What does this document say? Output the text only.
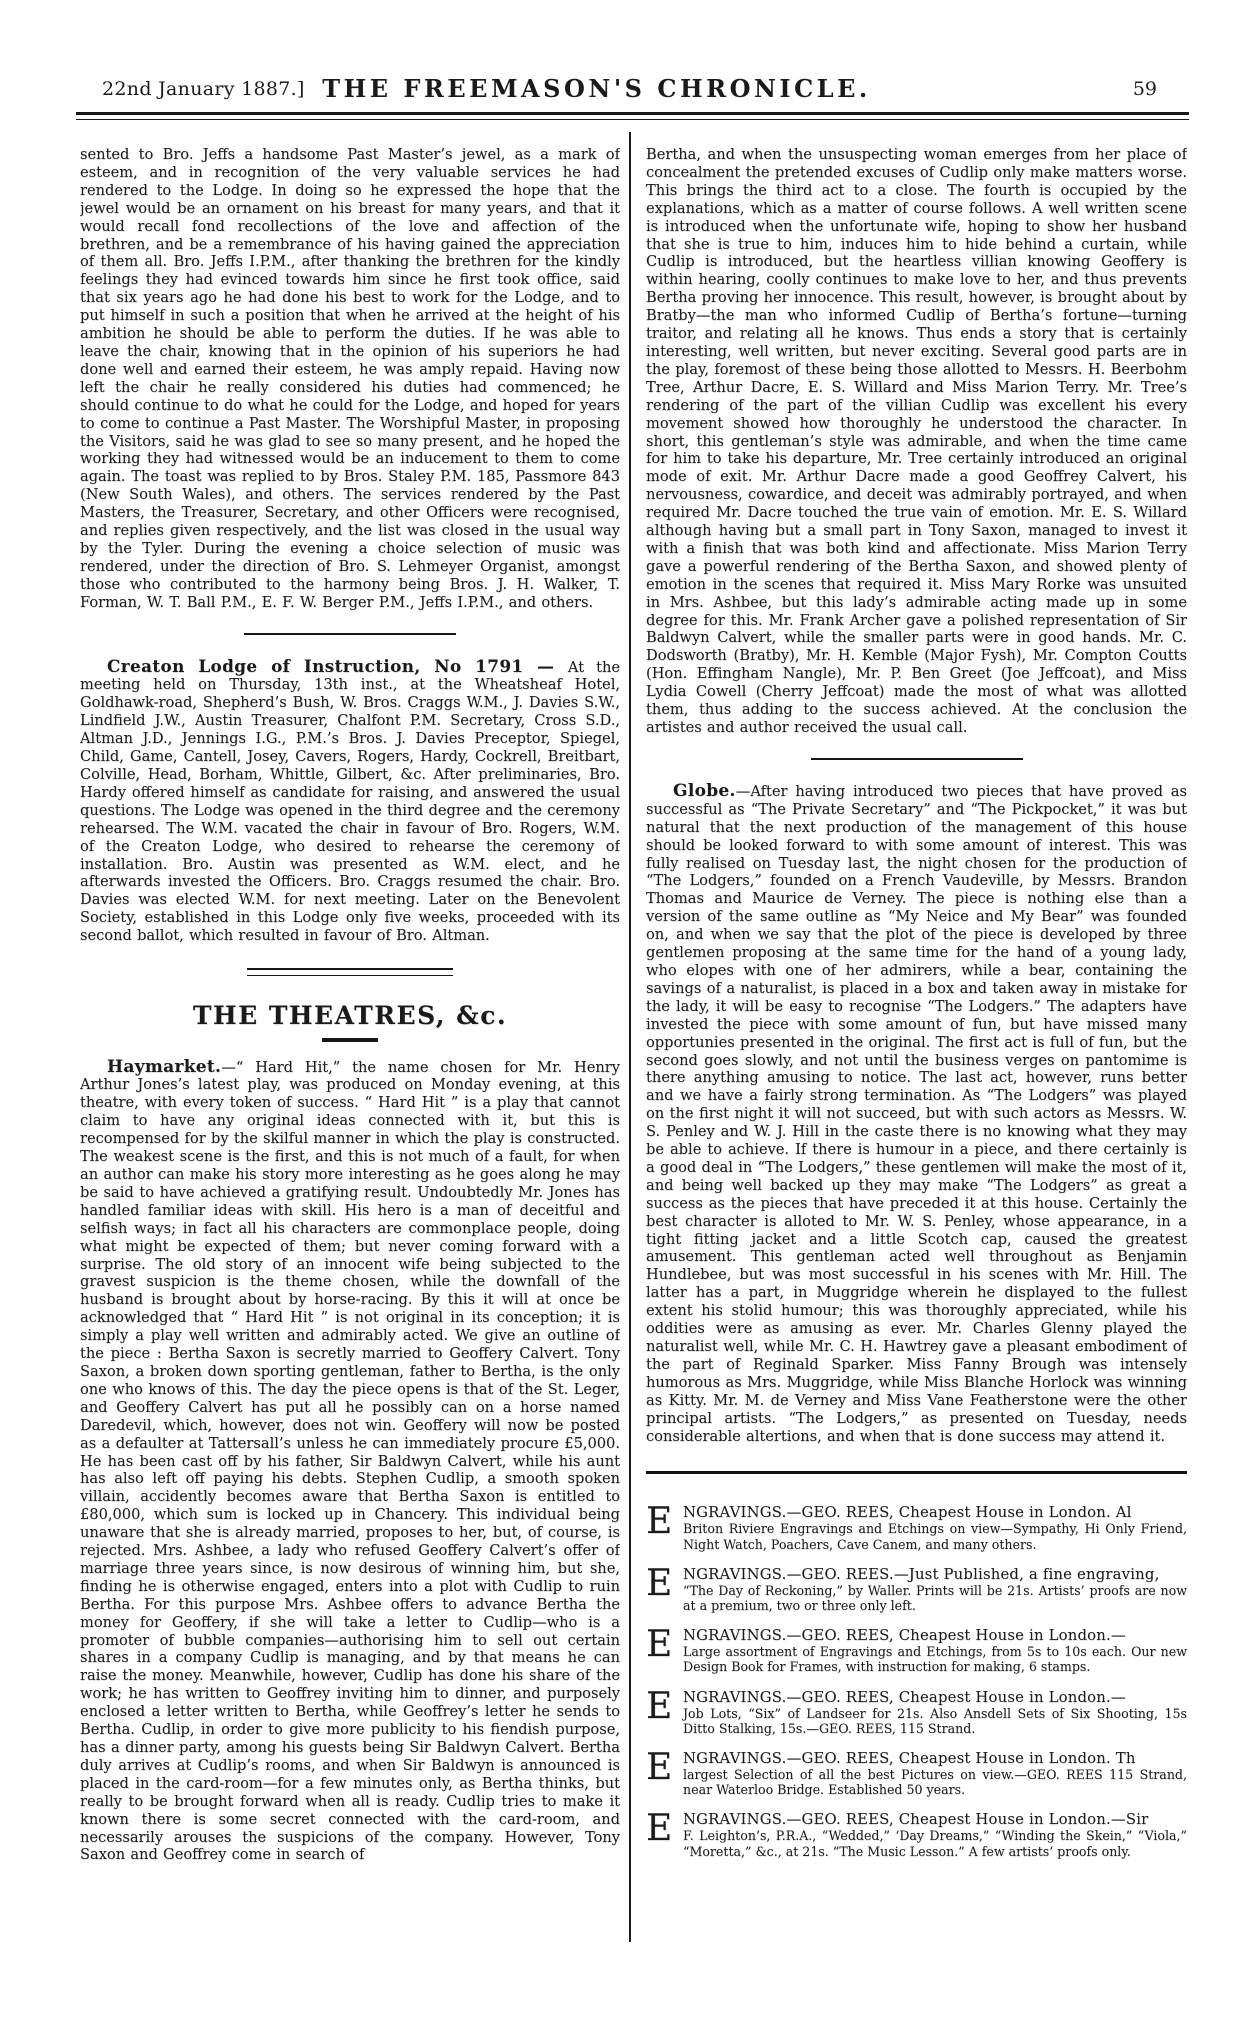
22nd January 1887.] THE FREEMASON'S CHRONICLE.	59

sented to Bro. Jeffs a handsome Past Master’s jewel, as a mark of esteem, and in recognition of the very valuable services he had rendered to the Lodge. In doing so he expressed the hope that the jewel would be an ornament on his breast for many years, and that it would recall fond recollections of the love and affection of the brethren, and be a remembrance of his having gained the appreciation of them all. Bro. Jeffs I.P.M., after thanking the brethren for the kindly feelings they had evinced towards him since he first took office, said that six years ago he had done his best to work for the Lodge, and to put himself in such a position that when he arrived at the height of his ambition he should be able to perform the duties. If he was able to leave the chair, knowing that in the opinion of his superiors he had done well and earned their esteem, he was amply repaid. Having now left the chair he really considered his duties had commenced; he should continue to do what he could for the Lodge, and hoped for years to come to continue a Past Master. The Worshipful Master, in proposing the Visitors, said he was glad to see so many present, and he hoped the working they had witnessed would be an inducement to them to come again. The toast was replied to by Bros. Staley P.M. 185, Passmore 843 (New South Wales), and others. The services rendered by the Past Masters, the Treasurer, Secretary, and other Officers were recognised, and replies given respectively, and the list was closed in the usual way by the Tyler. During the evening a choice selection of music was rendered, under the direction of Bro. S. Lehmeyer Organist, amongst those who contributed to the harmony being Bros. J. H. Walker, T. Forman, W. T. Ball P.M., E. F. W. Berger P.M., Jeffs I.P.M., and others.

Creaton Lodge of Instruction, No 1791 — At the meeting held on Thursday, 13th inst., at the Wheatsheaf Hotel, Goldhawk-road, Shepherd’s Bush, W. Bros. Craggs W.M., J. Davies S.W., Lindfield J.W., Austin Treasurer, Chalfont P.M. Secretary, Cross S.D., Altman J.D., Jennings I.G., P.M.’s Bros. J. Davies Preceptor, Spiegel, Child, Game, Cantell, Josey, Cavers, Rogers, Hardy, Cockrell, Breitbart, Colville, Head, Borham, Whittle, Gilbert, &c. After preliminaries, Bro. Hardy offered himself as candidate for raising, and answered the usual questions. The Lodge was opened in the third degree and the ceremony rehearsed. The W.M. vacated the chair in favour of Bro. Rogers, W.M. of the Creaton Lodge, who desired to rehearse the ceremony of installation. Bro. Austin was presented as W.M. elect, and he afterwards invested the Officers. Bro. Craggs resumed the chair. Bro. Davies was elected W.M. for next meeting. Later on the Benevolent Society, established in this Lodge only five weeks, proceeded with its second ballot, which resulted in favour of Bro. Altman.

THE THEATRES, &c.

Haymarket.—“ Hard Hit,” the name chosen for Mr. Henry Arthur Jones’s latest play, was produced on Monday evening, at this theatre, with every token of success. “ Hard Hit ” is a play that cannot claim to have any original ideas connected with it, but this is recompensed for by the skilful manner in which the play is constructed. The weakest scene is the first, and this is not much of a fault, for when an author can make his story more interesting as he goes along he may be said to have achieved a gratifying result. Undoubtedly Mr. Jones has handled familiar ideas with skill. His hero is a man of deceitful and selfish ways; in fact all his characters are commonplace people, doing what might be expected of them; but never coming forward with a surprise. The old story of an innocent wife being subjected to the gravest suspicion is the theme chosen, while the downfall of the husband is brought about by horse-racing. By this it will at once be acknowledged that “ Hard Hit ” is not original in its conception; it is simply a play well written and admirably acted. We give an outline of the piece : Bertha Saxon is secretly married to Geoffery Calvert. Tony Saxon, a broken down sporting gentleman, father to Bertha, is the only one who knows of this. The day the piece opens is that of the St. Leger, and Geoffery Calvert has put all he possibly can on a horse named Daredevil, which, however, does not win. Geoffery will now be posted as a defaulter at Tattersall’s unless he can immediately procure £5,000. He has been cast off by his father, Sir Baldwyn Calvert, while his aunt has also left off paying his debts. Stephen Cudlip, a smooth spoken villain, accidently becomes aware that Bertha Saxon is entitled to £80,000, which sum is locked up in Chancery. This individual being unaware that she is already married, proposes to her, but, of course, is rejected. Mrs. Ashbee, a lady who refused Geoffery Calvert’s offer of marriage three years since, is now desirous of winning him, but she, finding he is otherwise engaged, enters into a plot with Cudlip to ruin Bertha. For this purpose Mrs. Ashbee offers to advance Bertha the money for Geoffery, if she will take a letter to Cudlip—who is a promoter of bubble companies—authorising him to sell out certain shares in a company Cudlip is managing, and by that means he can raise the money. Meanwhile, however, Cudlip has done his share of the work; he has written to Geoffrey inviting him to dinner, and purposely enclosed a letter written to Bertha, while Geoffrey’s letter he sends to Bertha. Cudlip, in order to give more publicity to his fiendish purpose, has a dinner party, among his guests being Sir Baldwyn Calvert. Bertha duly arrives at Cudlip’s rooms, and when Sir Baldwyn is announced is placed in the card-room—for a few minutes only, as Bertha thinks, but really to be brought forward when all is ready. Cudlip tries to make it known there is some secret connected with the card-room, and necessarily arouses the suspicions of the company. However, Tony Saxon and Geoffrey come in search of

Bertha, and when the unsuspecting woman emerges from her place of concealment the pretended excuses of Cudlip only make matters worse. This brings the third act to a close. The fourth is occupied by the explanations, which as a matter of course follows. A well written scene is introduced when the unfortunate wife, hoping to show her husband that she is true to him, induces him to hide behind a curtain, while Cudlip is introduced, but the heartless villian knowing Geoffery is within hearing, coolly continues to make love to her, and thus prevents Bertha proving her innocence. This result, however, is brought about by Bratby—the man who informed Cudlip of Bertha’s fortune—turning traitor, and relating all he knows. Thus ends a story that is certainly interesting, well written, but never exciting. Several good parts are in the play, foremost of these being those allotted to Messrs. H. Beerbohm Tree, Arthur Dacre, E. S. Willard and Miss Marion Terry. Mr. Tree’s rendering of the part of the villian Cudlip was excellent his every movement showed how thoroughly he understood the character. In short, this gentleman’s style was admirable, and when the time came for him to take his departure, Mr. Tree certainly introduced an original mode of exit. Mr. Arthur Dacre made a good Geoffrey Calvert, his nervousness, cowardice, and deceit was admirably portrayed, and when required Mr. Dacre touched the true vain of emotion. Mr. E. S. Willard although having but a small part in Tony Saxon, managed to invest it with a finish that was both kind and affectionate. Miss Marion Terry gave a powerful rendering of the Bertha Saxon, and showed plenty of emotion in the scenes that required it. Miss Mary Rorke was unsuited in Mrs. Ashbee, but this lady’s admirable acting made up in some degree for this. Mr. Frank Archer gave a polished representation of Sir Baldwyn Calvert, while the smaller parts were in good hands. Mr. C. Dodsworth (Bratby), Mr. H. Kemble (Major Fysh), Mr. Compton Coutts (Hon. Effingham Nangle), Mr. P. Ben Greet (Joe Jeffcoat), and Miss Lydia Cowell (Cherry Jeffcoat) made the most of what was allotted them, thus adding to the success achieved. At the conclusion the artistes and author received the usual call.

Globe.—After having introduced two pieces that have proved as successful as “The Private Secretary” and “The Pickpocket,” it was but natural that the next production of the management of this house should be looked forward to with some amount of interest. This was fully realised on Tuesday last, the night chosen for the production of “The Lodgers,” founded on a French Vaudeville, by Messrs. Brandon Thomas and Maurice de Verney. The piece is nothing else than a version of the same outline as “My Neice and My Bear” was founded on, and when we say that the plot of the piece is developed by three gentlemen proposing at the same time for the hand of a young lady, who elopes with one of her admirers, while a bear, containing the savings of a naturalist, is placed in a box and taken away in mistake for the lady, it will be easy to recognise “The Lodgers.” The adapters have invested the piece with some amount of fun, but have missed many opportunies presented in the original. The first act is full of fun, but the second goes slowly, and not until the business verges on pantomime is there anything amusing to notice. The last act, however, runs better and we have a fairly strong termination. As “The Lodgers” was played on the first night it will not succeed, but with such actors as Messrs. W. S. Penley and W. J. Hill in the caste there is no knowing what they may be able to achieve. If there is humour in a piece, and there certainly is a good deal in “The Lodgers,” these gentlemen will make the most of it, and being well backed up they may make “The Lodgers” as great a success as the pieces that have preceded it at this house. Certainly the best character is alloted to Mr. W. S. Penley, whose appearance, in a tight fitting jacket and a little Scotch cap, caused the greatest amusement. This gentleman acted well throughout as Benjamin Hundlebee, but was most successful in his scenes with Mr. Hill. The latter has a part, in Muggridge wherein he displayed to the fullest extent his stolid humour; this was thoroughly appreciated, while his oddities were as amusing as ever. Mr. Charles Glenny played the naturalist well, while Mr. C. H. Hawtrey gave a pleasant embodiment of the part of Reginald Sparker. Miss Fanny Brough was intensely humorous as Mrs. Muggridge, while Miss Blanche Horlock was winning as Kitty. Mr. M. de Verney and Miss Vane Featherstone were the other principal artists. “The Lodgers,” as presented on Tuesday, needs considerable altertions, and when that is done success may attend it.

E NGRAVINGS.—GEO. REES, Cheapest House in London. Al
Briton Riviere Engravings and Etchings on view—Sympathy, Hi Only Friend, Night Watch, Poachers, Cave Canem, and many others.
E NGRAVINGS.—GEO. REES.—Just Published, a fine engraving,
“The Day of Reckoning,” by Waller. Prints will be 21s. Artists’ proofs are now at a premium, two or three only left.
E NGRAVINGS.—GEO. REES, Cheapest House in London.—
Large assortment of Engravings and Etchings, from 5s to 10s each. Our new Design Book for Frames, with instruction for making, 6 stamps.
E NGRAVINGS.—GEO. REES, Cheapest House in London.—
Job Lots, “Six” of Landseer for 21s. Also Ansdell Sets of Six Shooting, 15s Ditto Stalking, 15s.—GEO. REES, 115 Strand.
E NGRAVINGS.—GEO. REES, Cheapest House in London. Th
largest Selection of all the best Pictures on view.—GEO. REES 115 Strand, near Waterloo Bridge. Established 50 years.
E NGRAVINGS.—GEO. REES, Cheapest House in London.—Sir
F. Leighton’s, P.R.A., “Wedded,” ‘Day Dreams,” “Winding the Skein,” “Viola,” “Moretta,” &c., at 21s. “The Music Lesson.” A few artists’ proofs only.
